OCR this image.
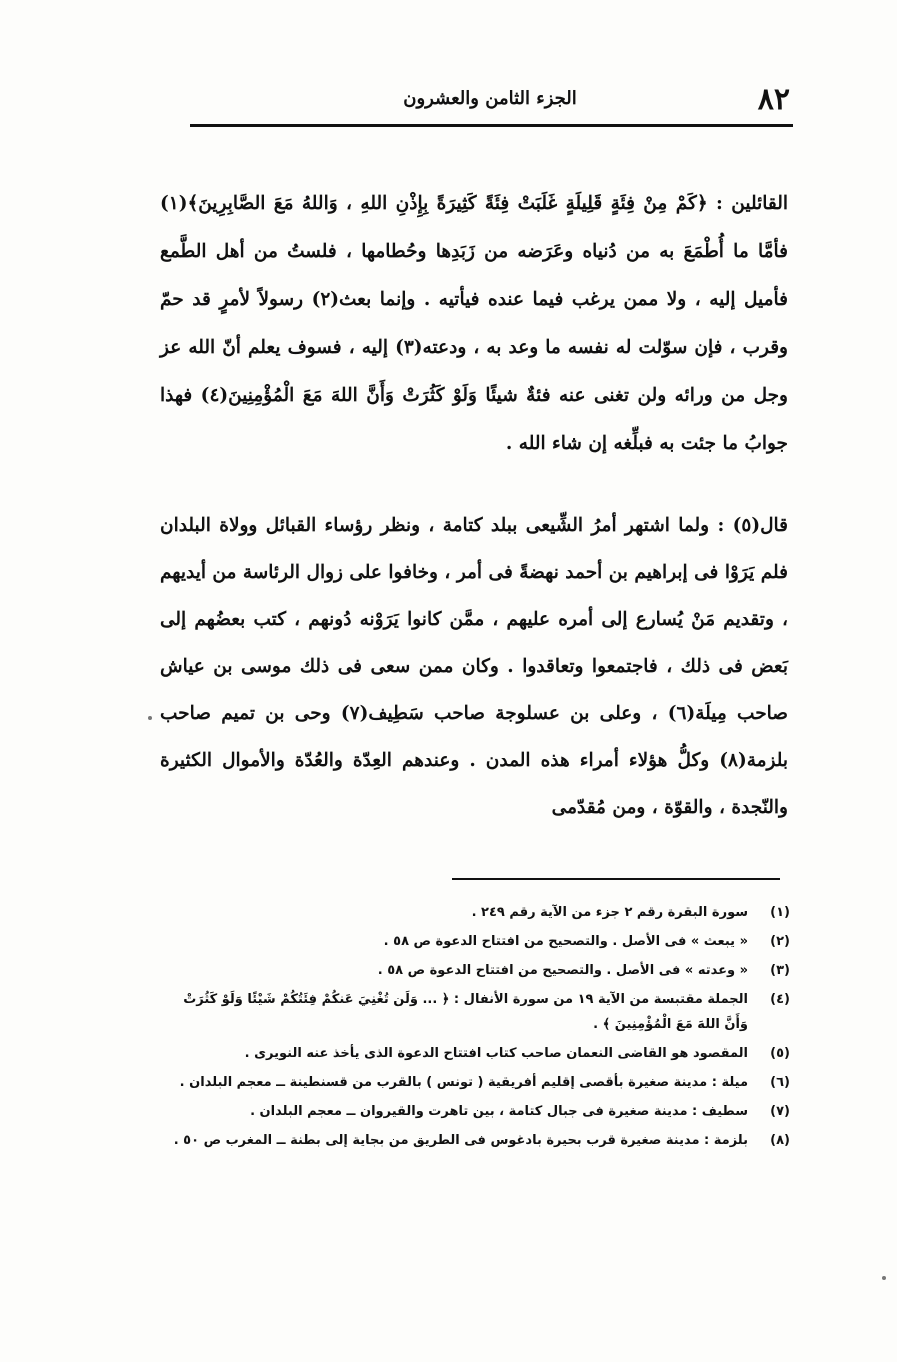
٨٢
الجزء الثامن والعشرون

القائلين : ﴿كَمْ مِنْ فِئَةٍ قَلِيلَةٍ غَلَبَتْ فِئَةً كَثِيرَةً بِإِذْنِ اللهِ ، وَاللهُ مَعَ الصَّابِرِينَ﴾(١) فأمَّا ما أُطْمَعَ به من دُنياه وعَرَضه من زَبَدِها وحُطامها ، فلستُ من أهل الطَّمع فأميل إليه ، ولا ممن يرغب فيما عنده فيأتيه . وإنما بعث(٢) رسولاً لأمرٍ قد حمّ وقرب ، فإن سوّلت له نفسه ما وعد به ، ودعته(٣) إليه ، فسوف يعلم أنّ الله عز وجل من ورائه ولن تغنى عنه فئةٌ شيئًا وَلَوْ كَثُرَتْ وَأَنَّ اللهَ مَعَ الْمُؤْمِنِينَ(٤) فهذا جوابُ ما جئت به فبلِّغه إن شاء الله .

قال(٥) : ولما اشتهر أمرُ الشِّيعى ببلد كتامة ، ونظر رؤساء القبائل وولاة البلدان فلم يَرَوْا فى إبراهيم بن أحمد نهضةً فى أمر ، وخافوا على زوال الرئاسة من أيديهم ، وتقديم مَنْ يُسارع إلى أمره عليهم ، ممَّن كانوا يَرَوْنه دُونهم ، كتب بعضُهم إلى بَعض فى ذلك ، فاجتمعوا وتعاقدوا . وكان ممن سعى فى ذلك موسى بن عياش صاحب مِيلَة(٦) ، وعلى بن عسلوجة صاحب سَطِيف(٧) وحى بن تميم صاحب بلزمة(٨) وكلُّ هؤلاء أمراء هذه المدن . وعندهم العِدّة والعُدّة والأموال الكثيرة والنّجدة ، والقوّة ، ومن مُقدّمى

(١)
سورة البقرة رقم ٢ جزء من الآية رقم ٢٤٩ .
(٢)
« يبعث » فى الأصل . والتصحيح من افتتاح الدعوة ص ٥٨ .
(٣)
« وعدته » فى الأصل . والتصحيح من افتتاح الدعوة ص ٥٨ .
(٤)
الجملة مقتبسة من الآية ١٩ من سورة الأنفال : ﴿ ... وَلَن تُغْنِيَ عَنكُمْ فِئَتُكُمْ شَيْئًا وَلَوْ كَثُرَتْ وَأَنَّ اللهَ مَعَ الْمُؤْمِنِينَ ﴾ .
(٥)
المقصود هو القاضى النعمان صاحب كتاب افتتاح الدعوة الذى يأخذ عنه النويرى .
(٦)
ميلة : مدينة صغيرة بأقصى إقليم أفريقية ( تونس ) بالقرب من قسنطينة ــ معجم البلدان .
(٧)
سطيف : مدينة صغيرة فى جبال كتامة ، بين تاهرت والقيروان ــ معجم البلدان .
(٨)
بلزمة : مدينة صغيرة قرب بحيرة بادغوس فى الطريق من بجاية إلى بطنة ــ المغرب ص ٥٠ .
